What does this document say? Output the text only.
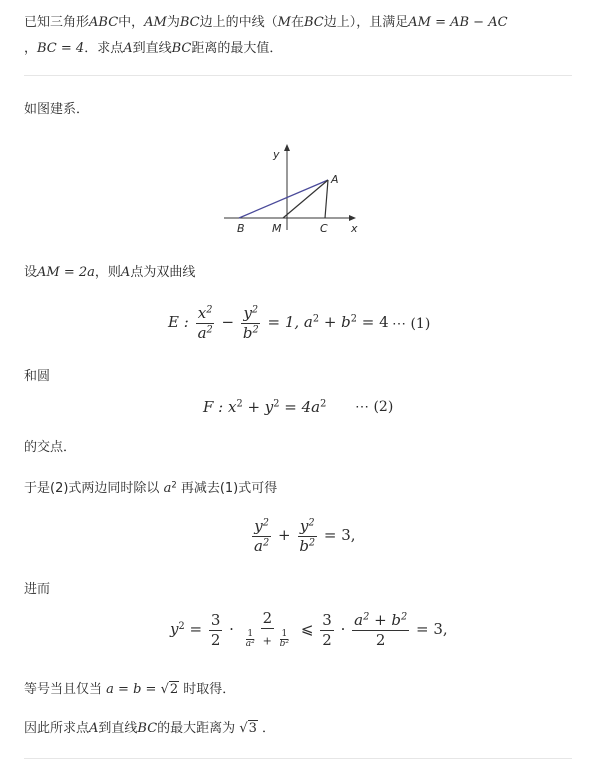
已知三角形ABC中，AM为BC边上的中线（M在BC边上），且满足AM = AB − AC
，BC = 4．求点A到直线BC距离的最大值．
如图建系．
y
x
A
B M	C
设AM = 2a，则A点为双曲线
E : $\frac{x^2}{a^2} - \frac{y^2}{b^2} = 1$, $a^2 + b^2 = 4$ ⋯ (1)
和圆
F : $x^2 + y^2 = 4a^2$ ⋯ (2)
的交点．
于是(2)式两边同时除以 $a^2$ 再减去(1)式可得
$\frac{y^2}{a^2} + \frac{y^2}{b^2} = 3$,
进而
$y^2 = \frac{3}{2} \cdot \frac{2}{\frac{1}{a^2} + \frac{1}{b^2}}$ ⩽ $\frac{3}{2} \cdot \frac{a^2 + b^2}{2} = 3$,
等号当且仅当 a = b = √2 时取得．
因此所求点A到直线BC的最大距离为 √3 ．
